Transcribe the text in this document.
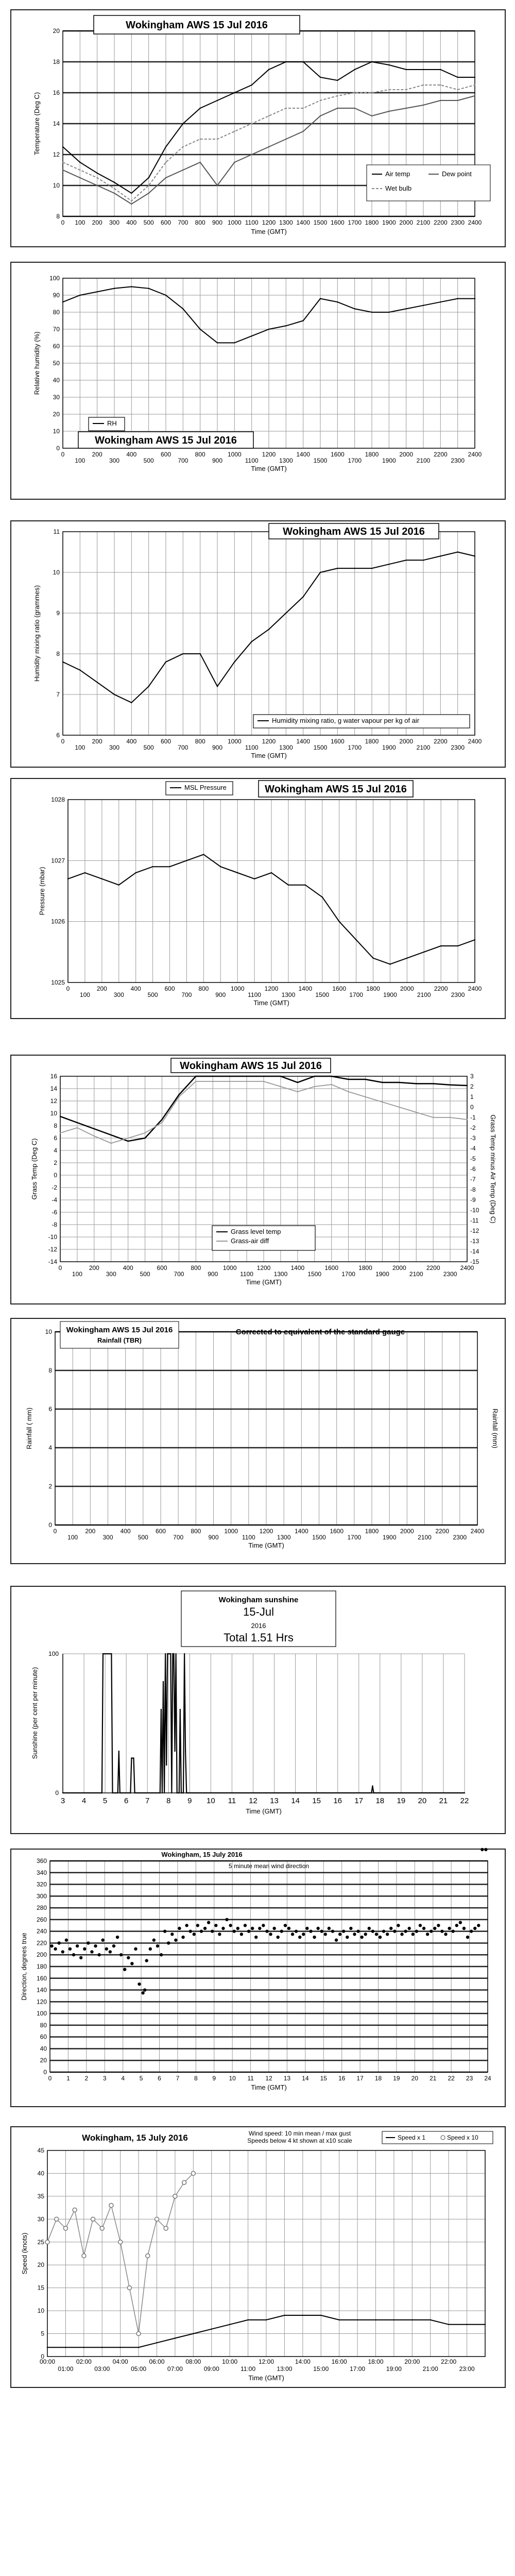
0 100 200 300 400 500 600 700 800 900 1000 1100 1200 1300 1400 1500 1600 1700 1800 1900 2000 2100 2200 2300 2400
8
10
12
14
16
18
20
Time (GMT)
Temperature (Deg C)
Wokingham AWS 15 Jul 2016
Air temp
Wet bulb
Dew point
0
100
200
300
400
500
600
700
800
900
1000
1100
1200
1300
1400
1500
1600
1700
1800
1900
2000
2100
2200
2300
2400
0
10
20
30
40
50
60
70
80
90
100
Time (GMT)
Relative humidity (%)
RH
Wokingham AWS 15 Jul 2016
0
100
200
300
400
500
600
700
800
900
1000
1100
1200
1300
1400
1500
1600
1700
1800
1900
2000
2100
2200
2300
2400
6
7
8
9
10
11
Time (GMT)
Humidity mixing ratio (grammes)
Wokingham AWS 15 Jul 2016
Humidity mixing ratio, g water vapour per kg of air
0
100
200
300
400
500
600
700
800
900
1000
1100
1200
1300
1400
1500
1600
1700
1800
1900
2000
2100
2200
2300
2400
1025
1026
1027
1028
Time (GMT)
Pressure (mbar)
MSL Pressure	Wokingham AWS 15 Jul 2016
0
100
200
300
400
500
600
700
800
900
1000
1100
1200
1300
1400
1500
1600
1700
1800
1900
2000
2100
2200
2300
2400
-14
-12
-10
-8
-6
-4
-2
0
2
4
6
8
10
12
14
16
Time (GMT)
Grass Temp (Deg C)
Wokingham AWS 15 Jul 2016
-15
-14
-13
-12
-11
-10
-9
-8
-7
-6
-5
-4
-3
-2
-1
0
1
2
3
Grass Temp minus Air Temp (Deg C)
Grass level temp
Grass-air diff
0
100
200
300
400
500
600
700
800
900
1000
1100
1200
1300
1400
1500
1600
1700
1800
1900
2000
2100
2200
2300
2400
0
2
4
6
8
10
Time (GMT)
Rainfall ( mm)
Wokingham AWS 15 Jul 2016
Rainfall (TBR)
Corrected to equivalent of the standard gauge
Rainfall (mm)
3 4 5 6 7 8 9 10 11 12 13 14 15 16 17 18 19 20 21 22
0
100
Time (GMT)
Sunshine (per cent per minute)
Wokingham sunshine
15-Jul
2016
Total 1.51 Hrs
0 1 2 3 4 5 6 7 8 9 10 11 12 13 14 15 16 17 18 19 20 21 22 23 24
0
20
40
60
80
100
120
140
160
180
200
220
240
260
280
300
320
340
360
Time (GMT)
Direction, degrees true
Wokingham, 15 July 2016
5 minute mean wind direction
0
5
10
15
20
25
30
35
40
45
00:00	02:00	04:00	06:00	08:00	10:00	12:00	14:00	16:00	18:00	20:00	22:00
01:00	03:00	05:00	07:00	09:00	11:00	13:00	15:00	17:00	19:00	21:00	23:00
Time (GMT)
Speed (knots)
Wokingham, 15 July 2016	Wind speed: 10 min mean / max gust
Speeds below 4 kt shown at x10 scale	Speed x 1	Speed x 10
